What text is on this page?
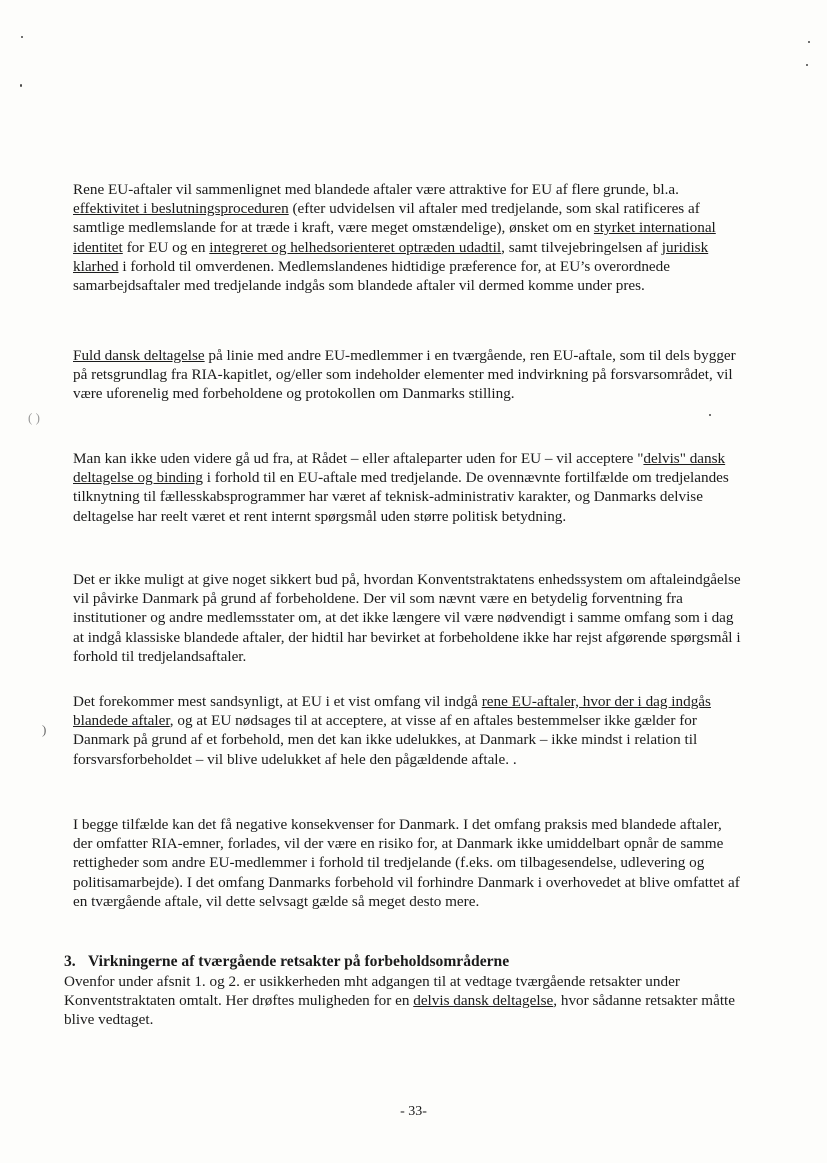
Rene EU-aftaler vil sammenlignet med blandede aftaler være attraktive for EU af flere grunde, bl.a. effektivitet i beslutningsproceduren (efter udvidelsen vil aftaler med tredjelande, som skal ratificeres af samtlige medlemslande for at træde i kraft, være meget omstændelige), ønsket om en styrket international identitet for EU og en integreret og helhedsorienteret optræden udadtil, samt tilvejebringelsen af juridisk klarhed i forhold til omverdenen. Medlemslandenes hidtidige præference for, at EU’s overordnede samarbejdsaftaler med tredjelande indgås som blandede aftaler vil dermed komme under pres.
Fuld dansk deltagelse på linie med andre EU-medlemmer i en tværgående, ren EU-aftale, som til dels bygger på retsgrundlag fra RIA-kapitlet, og/eller som indeholder elementer med indvirkning på forsvarsområdet, vil være uforenelig med forbeholdene og protokollen om Danmarks stilling.
Man kan ikke uden videre gå ud fra, at Rådet – eller aftaleparter uden for EU – vil acceptere "delvis" dansk deltagelse og binding i forhold til en EU-aftale med tredjelande. De ovennævnte fortilfælde om tredjelandes tilknytning til fællesskabsprogrammer har været af teknisk-administrativ karakter, og Danmarks delvise deltagelse har reelt været et rent internt spørgsmål uden større politisk betydning.
Det er ikke muligt at give noget sikkert bud på, hvordan Konventstraktatens enhedssystem om aftaleindgåelse vil påvirke Danmark på grund af forbeholdene. Der vil som nævnt være en betydelig forventning fra institutioner og andre medlemsstater om, at det ikke længere vil være nødvendigt i samme omfang som i dag at indgå klassiske blandede aftaler, der hidtil har bevirket at forbeholdene ikke har rejst afgørende spørgsmål i forhold til tredjelandsaftaler.
Det forekommer mest sandsynligt, at EU i et vist omfang vil indgå rene EU-aftaler, hvor der i dag indgås blandede aftaler, og at EU nødsages til at acceptere, at visse af en aftales bestemmelser ikke gælder for Danmark på grund af et forbehold, men det kan ikke udelukkes, at Danmark – ikke mindst i relation til forsvarsforbeholdet – vil blive udelukket af hele den pågældende aftale. .
I begge tilfælde kan det få negative konsekvenser for Danmark. I det omfang praksis med blandede aftaler, der omfatter RIA-emner, forlades, vil der være en risiko for, at Danmark ikke umiddelbart opnår de samme rettigheder som andre EU-medlemmer i forhold til tredjelande (f.eks. om tilbagesendelse, udlevering og politisamarbejde). I det omfang Danmarks forbehold vil forhindre Danmark i overhovedet at blive omfattet af en tværgående aftale, vil dette selvsagt gælde så meget desto mere.
3. Virkningerne af tværgående retsakter på forbeholdsområderne
Ovenfor under afsnit 1. og 2. er usikkerheden mht adgangen til at vedtage tværgående retsakter under Konventstraktaten omtalt. Her drøftes muligheden for en delvis dansk deltagelse, hvor sådanne retsakter måtte blive vedtaget.
- 33-
( )
)
